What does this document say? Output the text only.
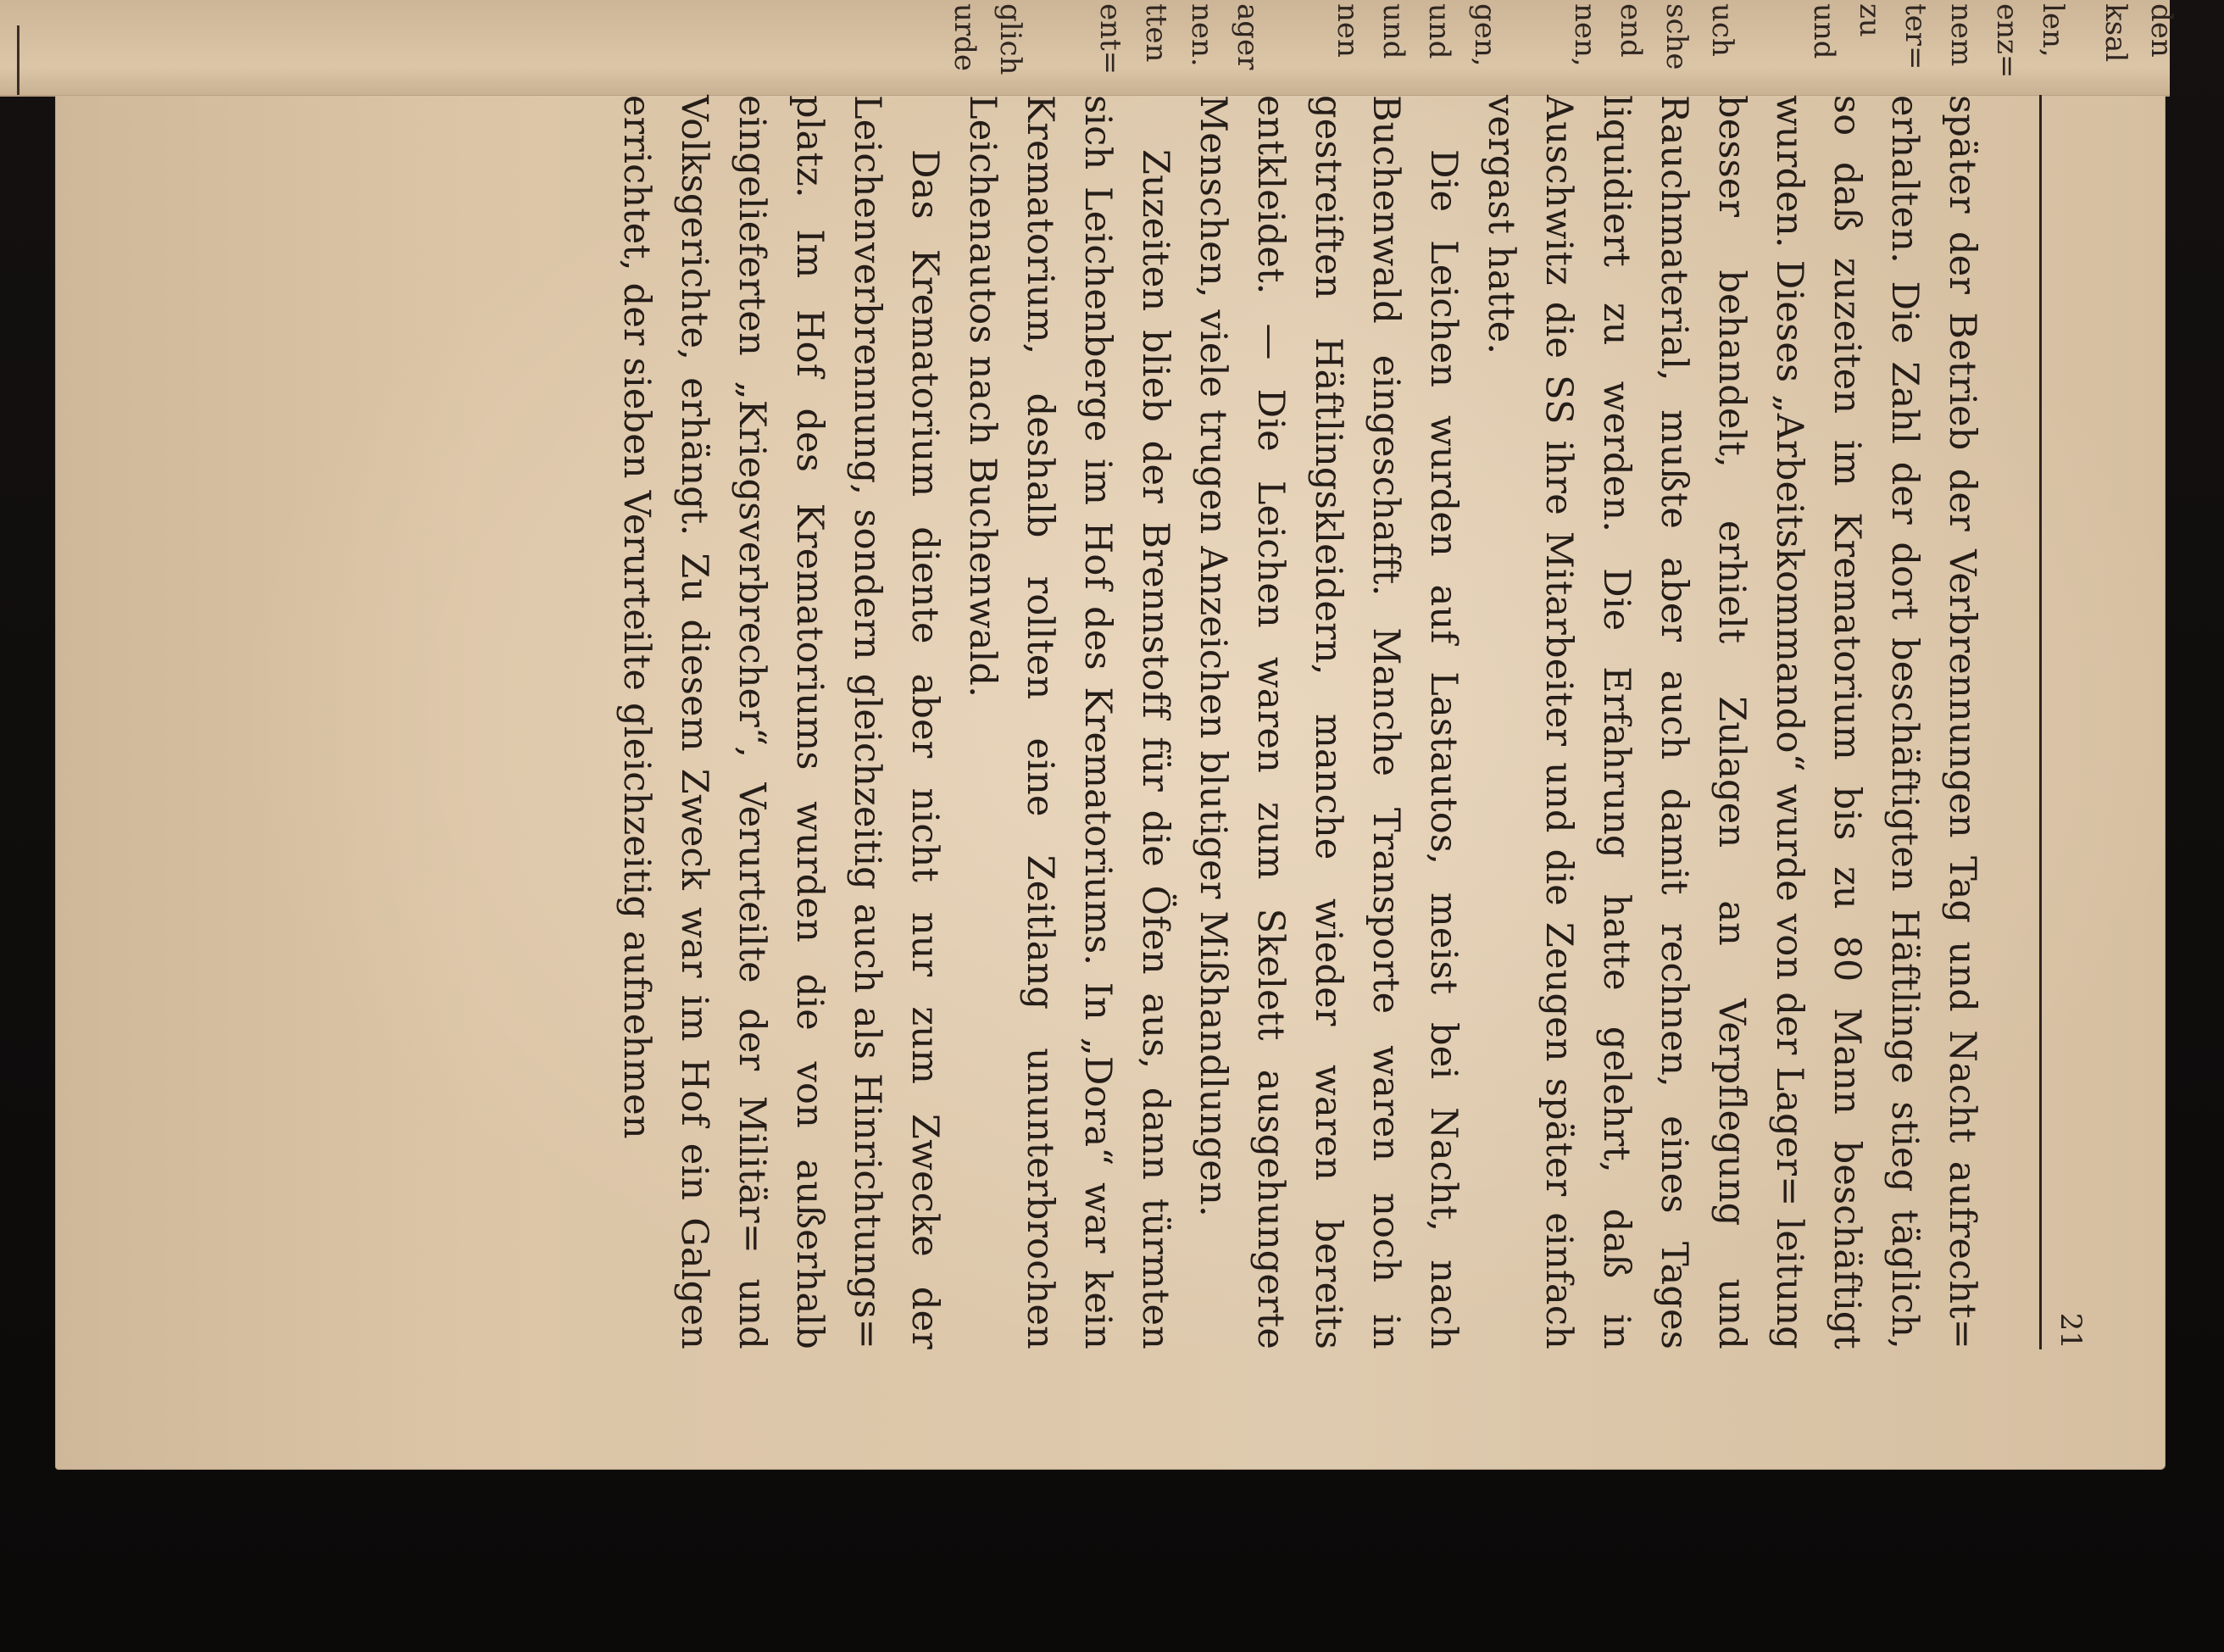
den
ksal
len,
enz=
nem
ter=
zu
und
uch
sche
end
nen,
gen,
und
und
nen
ager
nen.
tten
ent=
glich
urde
21

später der Betrieb der Verbrennungen Tag und Nacht aufrecht= erhalten. Die Zahl der dort beschäftigten Häftlinge stieg täglich, so daß zuzeiten im Krematorium bis zu 80 Mann beschäftigt wurden. Dieses „Arbeitskommando“ wurde von der Lager= leitung besser behandelt, erhielt Zulagen an Verpflegung und Rauchmaterial, mußte aber auch damit rechnen, eines Tages liquidiert zu werden. Die Erfahrung hatte gelehrt, daß in Auschwitz die SS ihre Mitarbeiter und die Zeugen später einfach vergast hatte.

Die Leichen wurden auf Lastautos, meist bei Nacht, nach Buchenwald eingeschafft. Manche Transporte waren noch in gestreiften Häftlingskleidern, manche wieder waren bereits entkleidet. — Die Leichen waren zum Skelett ausgehungerte Menschen, viele trugen Anzeichen blutiger Mißhandlungen.

Zuzeiten blieb der Brennstoff für die Öfen aus, dann türmten sich Leichenberge im Hof des Krematoriums. In „Dora“ war kein Krematorium, deshalb rollten eine Zeitlang ununterbrochen Leichenautos nach Buchenwald.

Das Krematorium diente aber nicht nur zum Zwecke der Leichenverbrennung, sondern gleichzeitig auch als Hinrichtungs= platz. Im Hof des Krematoriums wurden die von außerhalb eingelieferten „Kriegsverbrecher“, Verurteilte der Militär= und Volksgerichte, erhängt. Zu diesem Zweck war im Hof ein Galgen errichtet, der sieben Verurteilte gleichzeitig aufnehmen
